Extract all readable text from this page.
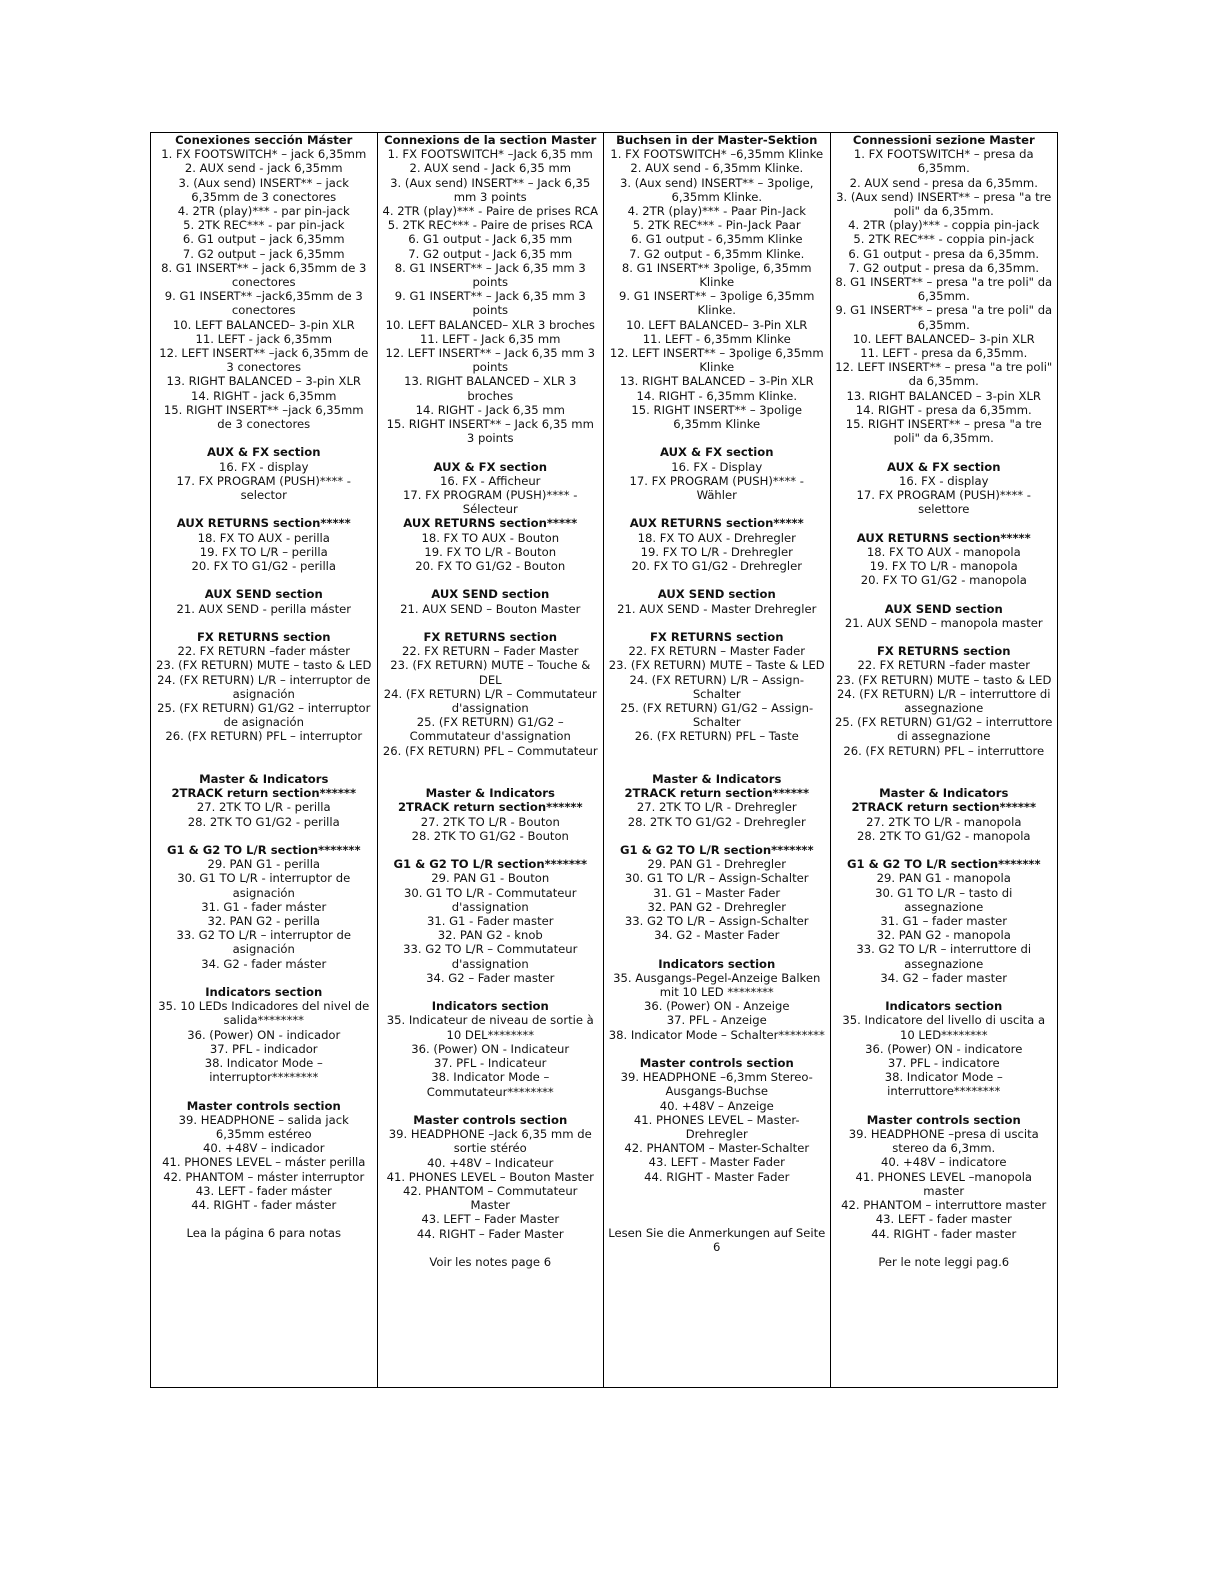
Conexiones sección Máster
1. FX FOOTSWITCH* – jack 6,35mm
2. AUX send - jack 6,35mm
3. (Aux send) INSERT** – jack 6,35mm de 3 conectores
4. 2TR (play)*** - par pin-jack
5. 2TK REC*** - par pin-jack
6. G1 output – jack 6,35mm
7. G2 output – jack 6,35mm
8. G1 INSERT** – jack 6,35mm de 3 conectores
9. G1 INSERT** –jack6,35mm de 3 conectores
10. LEFT BALANCED– 3-pin XLR
11. LEFT - jack 6,35mm
12. LEFT INSERT** –jack 6,35mm de 3 conectores
13. RIGHT BALANCED – 3-pin XLR
14. RIGHT - jack 6,35mm
15. RIGHT INSERT** –jack 6,35mm de 3 conectores
AUX & FX section
16. FX - display
17. FX PROGRAM (PUSH)**** - selector
AUX RETURNS section*****
18. FX TO AUX - perilla
19. FX TO L/R – perilla
20. FX TO G1/G2 - perilla
AUX SEND section
21. AUX SEND - perilla máster
FX RETURNS section
22. FX RETURN –fader máster
23. (FX RETURN) MUTE – tasto & LED
24. (FX RETURN) L/R – interruptor de asignación
25. (FX RETURN) G1/G2 – interruptor de asignación
26. (FX RETURN) PFL – interruptor
Master & Indicators
2TRACK return section******
27. 2TK TO L/R - perilla
28. 2TK TO G1/G2 - perilla
G1 & G2 TO L/R section*******
29. PAN G1 - perilla
30. G1 TO L/R - interruptor de asignación
31. G1 - fader máster
32. PAN G2 - perilla
33. G2 TO L/R – interruptor de asignación
34. G2 - fader máster
Indicators section
35. 10 LEDs Indicadores del nivel de salida********
36. (Power) ON - indicador
37. PFL - indicador
38. Indicator Mode – interruptor********
Master controls section
39. HEADPHONE – salida jack 6,35mm estéreo
40. +48V – indicador
41. PHONES LEVEL – máster perilla
42. PHANTOM – máster interruptor
43. LEFT - fader máster
44. RIGHT - fader máster
Lea la página 6 para notas
Connexions de la section Master
1. FX FOOTSWITCH* –Jack 6,35 mm
2. AUX send - Jack 6,35 mm
3. (Aux send) INSERT** – Jack 6,35 mm 3 points
4. 2TR (play)*** - Paire de prises RCA
5. 2TK REC*** - Paire de prises RCA
6. G1 output - Jack 6,35 mm
7. G2 output - Jack 6,35 mm
8. G1 INSERT** – Jack 6,35 mm 3 points
9. G1 INSERT** – Jack 6,35 mm 3 points
10. LEFT BALANCED– XLR 3 broches
11. LEFT - Jack 6,35 mm
12. LEFT INSERT** – Jack 6,35 mm 3 points
13. RIGHT BALANCED – XLR 3 broches
14. RIGHT - Jack 6,35 mm
15. RIGHT INSERT** – Jack 6,35 mm 3 points
AUX & FX section
16. FX - Afficheur
17. FX PROGRAM (PUSH)**** - Sélecteur
AUX RETURNS section*****
18. FX TO AUX - Bouton
19. FX TO L/R - Bouton
20. FX TO G1/G2 - Bouton
AUX SEND section
21. AUX SEND – Bouton Master
FX RETURNS section
22. FX RETURN – Fader Master
23. (FX RETURN) MUTE – Touche & DEL
24. (FX RETURN) L/R – Commutateur d'assignation
25. (FX RETURN) G1/G2 – Commutateur d'assignation
26. (FX RETURN) PFL – Commutateur
Master & Indicators
2TRACK return section******
27. 2TK TO L/R - Bouton
28. 2TK TO G1/G2 - Bouton
G1 & G2 TO L/R section*******
29. PAN G1 - Bouton
30. G1 TO L/R - Commutateur d'assignation
31. G1 - Fader master
32. PAN G2 - knob
33. G2 TO L/R – Commutateur d'assignation
34. G2 – Fader master
Indicators section
35. Indicateur de niveau de sortie à 10 DEL********
36. (Power) ON - Indicateur
37. PFL - Indicateur
38. Indicator Mode – Commutateur********
Master controls section
39. HEADPHONE –Jack 6,35 mm de sortie stéréo
40. +48V – Indicateur
41. PHONES LEVEL – Bouton Master
42. PHANTOM – Commutateur Master
43. LEFT – Fader Master
44. RIGHT – Fader Master
Voir les notes page 6
Buchsen in der Master-Sektion
1. FX FOOTSWITCH* –6,35mm Klinke
2. AUX send - 6,35mm Klinke.
3. (Aux send) INSERT** – 3polige, 6,35mm Klinke.
4. 2TR (play)*** - Paar Pin-Jack
5. 2TK REC*** - Pin-Jack Paar
6. G1 output - 6,35mm Klinke
7. G2 output - 6,35mm Klinke.
8. G1 INSERT** 3polige, 6,35mm Klinke
9. G1 INSERT** – 3polige 6,35mm Klinke.
10. LEFT BALANCED– 3-Pin XLR
11. LEFT - 6,35mm Klinke
12. LEFT INSERT** – 3polige 6,35mm Klinke
13. RIGHT BALANCED – 3-Pin XLR
14. RIGHT - 6,35mm Klinke.
15. RIGHT INSERT** – 3polige 6,35mm Klinke
AUX & FX section
16. FX - Display
17. FX PROGRAM (PUSH)**** - Wähler
AUX RETURNS section*****
18. FX TO AUX - Drehregler
19. FX TO L/R - Drehregler
20. FX TO G1/G2 - Drehregler
AUX SEND section
21. AUX SEND - Master Drehregler
FX RETURNS section
22. FX RETURN – Master Fader
23. (FX RETURN) MUTE – Taste & LED
24. (FX RETURN) L/R – Assign-Schalter
25. (FX RETURN) G1/G2 – Assign-Schalter
26. (FX RETURN) PFL – Taste
Master & Indicators
2TRACK return section******
27. 2TK TO L/R - Drehregler
28. 2TK TO G1/G2 - Drehregler
G1 & G2 TO L/R section*******
29. PAN G1 - Drehregler
30. G1 TO L/R – Assign-Schalter
31. G1 – Master Fader
32. PAN G2 - Drehregler
33. G2 TO L/R – Assign-Schalter
34. G2 - Master Fader
Indicators section
35. Ausgangs-Pegel-Anzeige Balken mit 10 LED ********
36. (Power) ON - Anzeige
37. PFL - Anzeige
38. Indicator Mode – Schalter********
Master controls section
39. HEADPHONE –6,3mm Stereo-Ausgangs-Buchse
40. +48V – Anzeige
41. PHONES LEVEL – Master-Drehregler
42. PHANTOM – Master-Schalter
43. LEFT - Master Fader
44. RIGHT - Master Fader
Lesen Sie die Anmerkungen auf Seite 6
Connessioni sezione Master
1. FX FOOTSWITCH* – presa da 6,35mm.
2. AUX send - presa da 6,35mm.
3. (Aux send) INSERT** – presa "a tre poli" da 6,35mm.
4. 2TR (play)*** - coppia pin-jack
5. 2TK REC*** - coppia pin-jack
6. G1 output - presa da 6,35mm.
7. G2 output - presa da 6,35mm.
8. G1 INSERT** – presa "a tre poli" da 6,35mm.
9. G1 INSERT** – presa "a tre poli" da 6,35mm.
10. LEFT BALANCED– 3-pin XLR
11. LEFT - presa da 6,35mm.
12. LEFT INSERT** – presa "a tre poli" da 6,35mm.
13. RIGHT BALANCED – 3-pin XLR
14. RIGHT - presa da 6,35mm.
15. RIGHT INSERT** – presa "a tre poli" da 6,35mm.
AUX & FX section
16. FX - display
17. FX PROGRAM (PUSH)**** - selettore
AUX RETURNS section*****
18. FX TO AUX - manopola
19. FX TO L/R - manopola
20. FX TO G1/G2 - manopola
AUX SEND section
21. AUX SEND – manopola master
FX RETURNS section
22. FX RETURN –fader master
23. (FX RETURN) MUTE – tasto & LED
24. (FX RETURN) L/R – interruttore di assegnazione
25. (FX RETURN) G1/G2 – interruttore di assegnazione
26. (FX RETURN) PFL – interruttore
Master & Indicators
2TRACK return section******
27. 2TK TO L/R - manopola
28. 2TK TO G1/G2 - manopola
G1 & G2 TO L/R section*******
29. PAN G1 - manopola
30. G1 TO L/R – tasto di assegnazione
31. G1 – fader master
32. PAN G2 - manopola
33. G2 TO L/R – interruttore di assegnazione
34. G2 – fader master
Indicators section
35. Indicatore del livello di uscita a 10 LED********
36. (Power) ON - indicatore
37. PFL - indicatore
38. Indicator Mode – interruttore********
Master controls section
39. HEADPHONE –presa di uscita stereo da 6,3mm.
40. +48V – indicatore
41. PHONES LEVEL –manopola master
42. PHANTOM – interruttore master
43. LEFT - fader master
44. RIGHT - fader master
Per le note leggi pag.6
